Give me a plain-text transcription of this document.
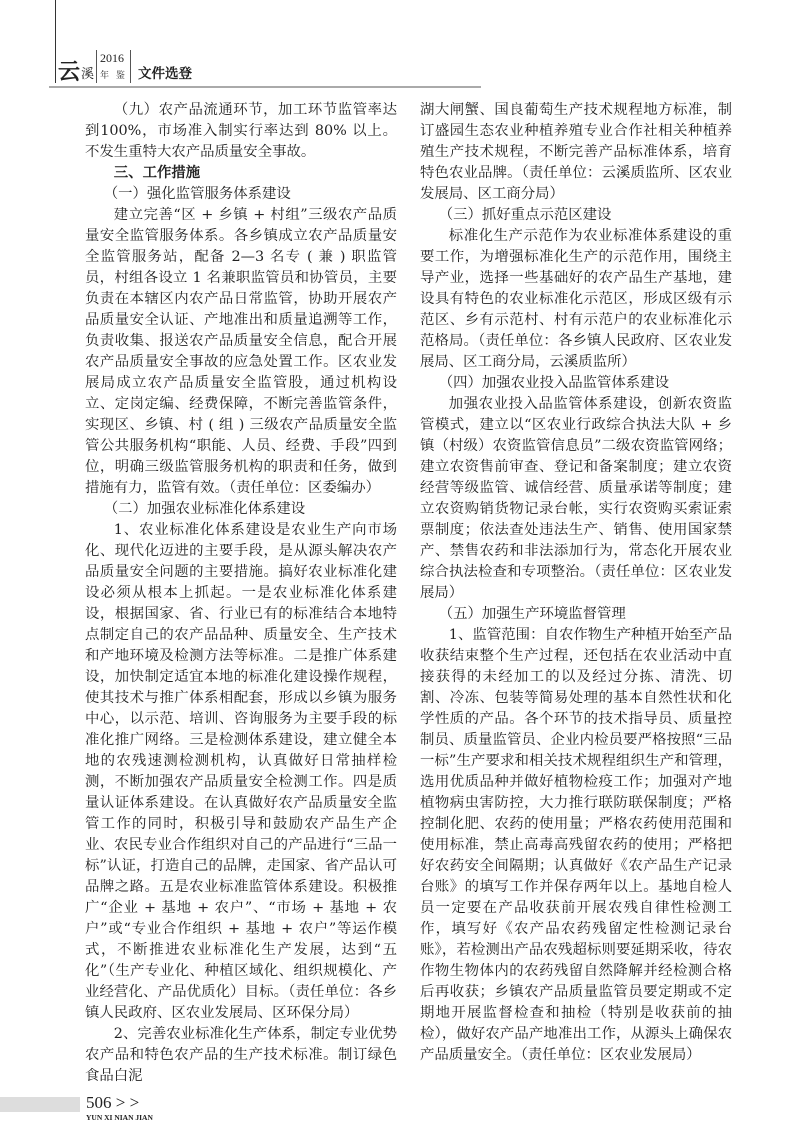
云 溪
2016
年 鉴 文件选登

（九）农产品流通环节，加工环节监管率达到100%，市场准入制实行率达到 80% 以上。不发生重特大农产品质量安全事故。

三、工作措施

（一）强化监管服务体系建设

建立完善“区 + 乡镇 + 村组”三级农产品质量安全监管服务体系。各乡镇成立农产品质量安全监管服务站，配备 2—3 名专 ( 兼 ) 职监管员，村组各设立 1 名兼职监管员和协管员，主要负责在本辖区内农产品日常监管，协助开展农产品质量安全认证、产地准出和质量追溯等工作，负责收集、报送农产品质量安全信息，配合开展农产品质量安全事故的应急处置工作。区农业发展局成立农产品质量安全监管股，通过机构设立、定岗定编、经费保障，不断完善监管条件，实现区、乡镇、村 ( 组 ) 三级农产品质量安全监管公共服务机构“职能、人员、经费、手段”四到位，明确三级监管服务机构的职责和任务，做到措施有力，监管有效。（责任单位：区委编办）

（二）加强农业标准化体系建设

1、农业标准化体系建设是农业生产向市场化、现代化迈进的主要手段，是从源头解决农产品质量安全问题的主要措施。搞好农业标准化建设必须从根本上抓起。一是农业标准化体系建设，根据国家、省、行业已有的标准结合本地特点制定自己的农产品品种、质量安全、生产技术和产地环境及检测方法等标准。二是推广体系建设，加快制定适宜本地的标准化建设操作规程，使其技术与推广体系相配套，形成以乡镇为服务中心，以示范、培训、咨询服务为主要手段的标准化推广网络。三是检测体系建设，建立健全本地的农残速测检测机构，认真做好日常抽样检测，不断加强农产品质量安全检测工作。四是质量认证体系建设。在认真做好农产品质量安全监管工作的同时，积极引导和鼓励农产品生产企业、农民专业合作组织对自己的产品进行“三品一标”认证，打造自己的品牌，走国家、省产品认可品牌之路。五是农业标准监管体系建设。积极推广“企业 + 基地 + 农户”、“市场 + 基地 + 农户”或“专业合作组织 + 基地 + 农户”等运作模式，不断推进农业标准化生产发展，达到“五化”（生产专业化、种植区域化、组织规模化、产业经营化、产品优质化）目标。（责任单位：各乡镇人民政府、区农业发展局、区环保分局）

2、完善农业标准化生产体系，制定专业优势农产品和特色农产品的生产技术标准。制订绿色食品白泥

湖大闸蟹、国良葡萄生产技术规程地方标准，制订盛园生态农业种植养殖专业合作社相关种植养殖生产技术规程，不断完善产品标准体系，培育特色农业品牌。（责任单位：云溪质监所、区农业发展局、区工商分局）

（三）抓好重点示范区建设

标准化生产示范作为农业标准体系建设的重要工作，为增强标准化生产的示范作用，围绕主导产业，选择一些基础好的农产品生产基地，建设具有特色的农业标准化示范区，形成区级有示范区、乡有示范村、村有示范户的农业标准化示范格局。（责任单位：各乡镇人民政府、区农业发展局、区工商分局，云溪质监所）

（四）加强农业投入品监管体系建设

加强农业投入品监管体系建设，创新农资监管模式，建立以“区农业行政综合执法大队 + 乡镇（村级）农资监管信息员”二级农资监管网络；建立农资售前审查、登记和备案制度；建立农资经营等级监管、诚信经营、质量承诺等制度；建立农资购销货物记录台帐，实行农资购买索证索票制度；依法查处违法生产、销售、使用国家禁产、禁售农药和非法添加行为，常态化开展农业综合执法检查和专项整治。（责任单位：区农业发展局）

（五）加强生产环境监督管理

1、监管范围：自农作物生产种植开始至产品收获结束整个生产过程，还包括在农业活动中直接获得的未经加工的以及经过分拣、清洗、切割、冷冻、包装等简易处理的基本自然性状和化学性质的产品。各个环节的技术指导员、质量控制员、质量监管员、企业内检员要严格按照“三品一标”生产要求和相关技术规程组织生产和管理，选用优质品种并做好植物检疫工作；加强对产地植物病虫害防控，大力推行联防联保制度；严格控制化肥、农药的使用量；严格农药使用范围和使用标准，禁止高毒高残留农药的使用；严格把好农药安全间隔期；认真做好《农产品生产记录台账》的填写工作并保存两年以上。基地自检人员一定要在产品收获前开展农残自律性检测工作，填写好《农产品农药残留定性检测记录台账》，若检测出产品农残超标则要延期采收，待农作物生物体内的农药残留自然降解并经检测合格后再收获；乡镇农产品质量监管员要定期或不定期地开展监督检查和抽检（特别是收获前的抽检），做好农产品产地准出工作，从源头上确保农产品质量安全。（责任单位：区农业发展局）

506 > >
YUN XI NIAN JIAN
